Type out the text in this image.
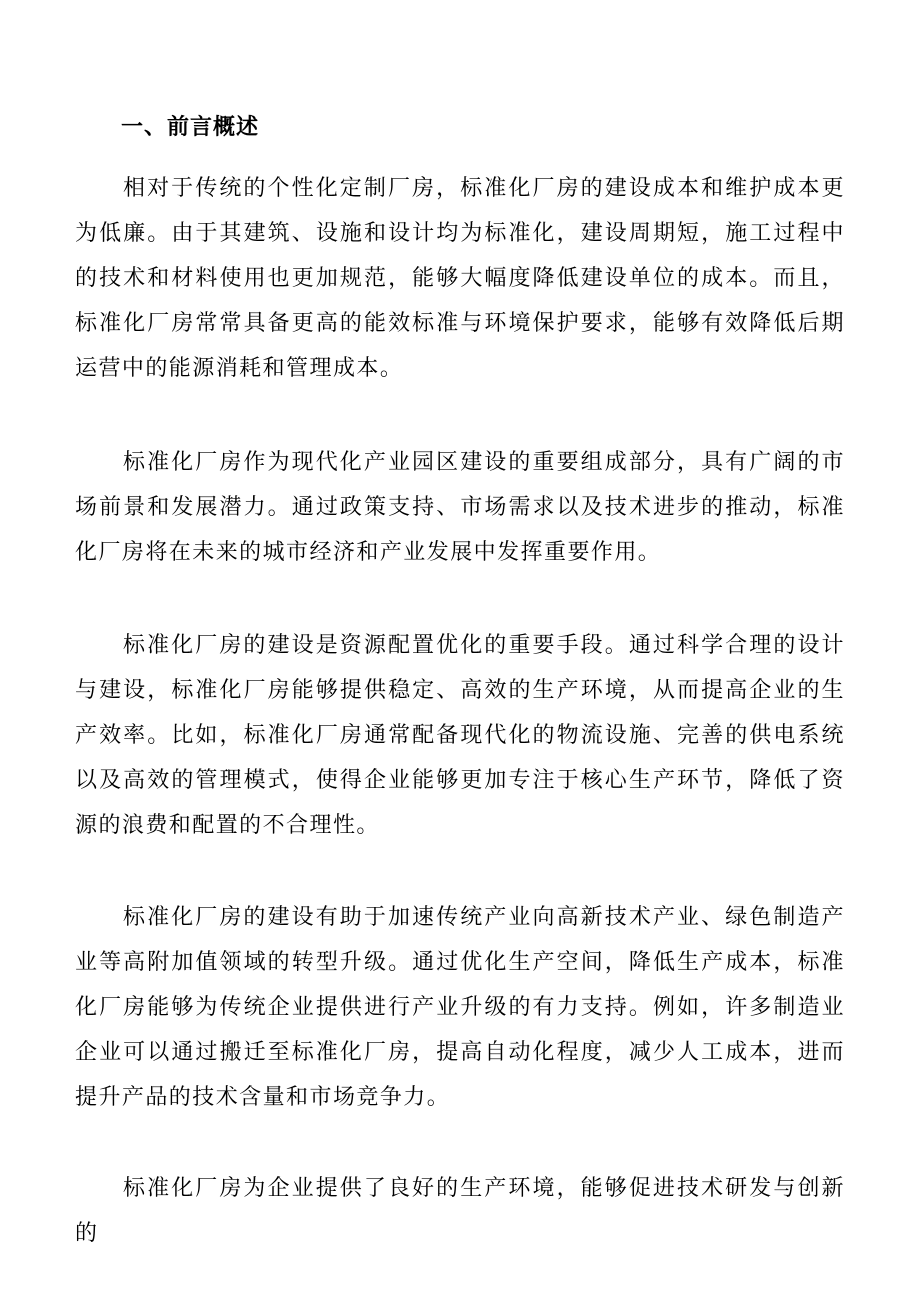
一、前言概述

相对于传统的个性化定制厂房，标准化厂房的建设成本和维护成本更为低廉。由于其建筑、设施和设计均为标准化，建设周期短，施工过程中的技术和材料使用也更加规范，能够大幅度降低建设单位的成本。而且，标准化厂房常常具备更高的能效标准与环境保护要求，能够有效降低后期运营中的能源消耗和管理成本。

标准化厂房作为现代化产业园区建设的重要组成部分，具有广阔的市场前景和发展潜力。通过政策支持、市场需求以及技术进步的推动，标准化厂房将在未来的城市经济和产业发展中发挥重要作用。

标准化厂房的建设是资源配置优化的重要手段。通过科学合理的设计与建设，标准化厂房能够提供稳定、高效的生产环境，从而提高企业的生产效率。比如，标准化厂房通常配备现代化的物流设施、完善的供电系统以及高效的管理模式，使得企业能够更加专注于核心生产环节，降低了资源的浪费和配置的不合理性。

标准化厂房的建设有助于加速传统产业向高新技术产业、绿色制造产业等高附加值领域的转型升级。通过优化生产空间，降低生产成本，标准化厂房能够为传统企业提供进行产业升级的有力支持。例如，许多制造业企业可以通过搬迁至标准化厂房，提高自动化程度，减少人工成本，进而提升产品的技术含量和市场竞争力。

标准化厂房为企业提供了良好的生产环境，能够促进技术研发与创新的
